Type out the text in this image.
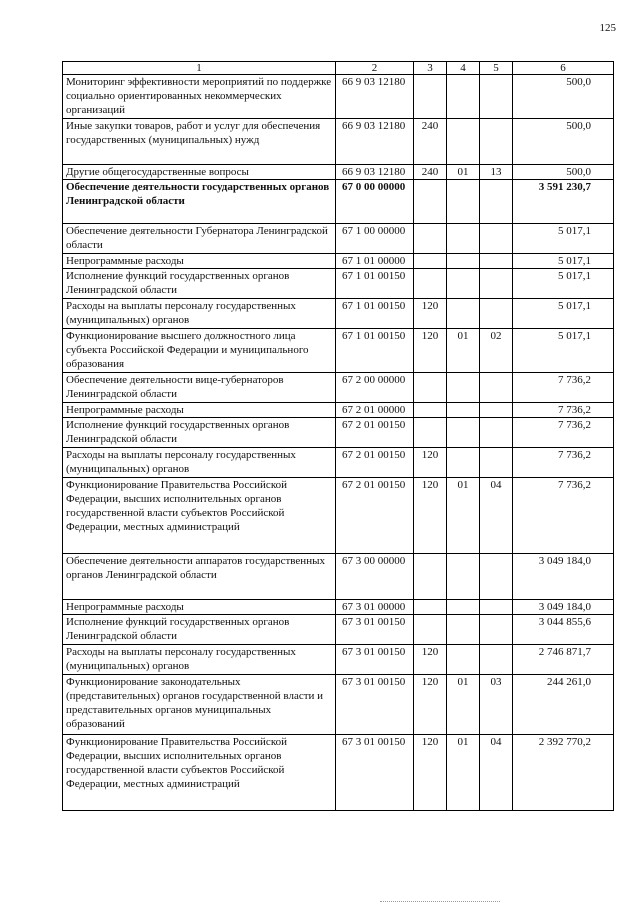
125
1	2	3	4	5	6
Мониторинг эффективности мероприятий по поддержке социально ориентированных некоммерческих организаций	66 9 03 12180				500,0
Иные закупки товаров, работ и услуг для обеспечения государственных (муниципальных) нужд	66 9 03 12180	240			500,0
Другие общегосударственные вопросы	66 9 03 12180	240	01	13	500,0
Обеспечение деятельности государственных органов Ленинградской области	67 0 00 00000				3 591 230,7
Обеспечение деятельности Губернатора Ленинградской области	67 1 00 00000				5 017,1
Непрограммные расходы	67 1 01 00000				5 017,1
Исполнение функций государственных органов Ленинградской области	67 1 01 00150				5 017,1
Расходы на выплаты персоналу государственных (муниципальных) органов	67 1 01 00150	120			5 017,1
Функционирование высшего должностного лица субъекта Российской Федерации и муниципального образования	67 1 01 00150	120	01	02	5 017,1
Обеспечение деятельности вице-губернаторов Ленинградской области	67 2 00 00000				7 736,2
Непрограммные расходы	67 2 01 00000				7 736,2
Исполнение функций государственных органов Ленинградской области	67 2 01 00150				7 736,2
Расходы на выплаты персоналу государственных (муниципальных) органов	67 2 01 00150	120			7 736,2
Функционирование Правительства Российской Федерации, высших исполнительных органов государственной власти субъектов Российской Федерации, местных администраций	67 2 01 00150	120	01	04	7 736,2
Обеспечение деятельности аппаратов государственных органов Ленинградской области	67 3 00 00000				3 049 184,0
Непрограммные расходы	67 3 01 00000				3 049 184,0
Исполнение функций государственных органов Ленинградской области	67 3 01 00150				3 044 855,6
Расходы на выплаты персоналу государственных (муниципальных) органов	67 3 01 00150	120			2 746 871,7
Функционирование законодательных (представительных) органов государственной власти и представительных органов муниципальных образований	67 3 01 00150	120	01	03	244 261,0
Функционирование Правительства Российской Федерации, высших исполнительных органов государственной власти субъектов Российской Федерации, местных администраций	67 3 01 00150	120	01	04	2 392 770,2
